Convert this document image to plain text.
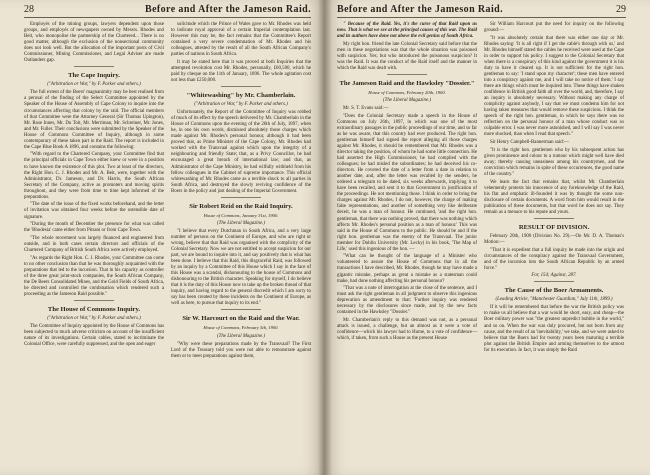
28	Before and After the Jameson Raid.

Employés of the mining groups, lawyers dependent upon those groups, and employés of newspapers owned by Messrs. Rhodes and Beit, who monopolise the partnership of the Chartered... There is no good matter, although the exclusion of the nonsectional community does not look well. But the allocation of the important posts of Civil Commissioner, Mining Commissioner, and Legal Adviser are made Outlanders gap.

The Cape Inquiry.
("Arbitration or War," by F. Parker and others.)

The full extent of the Boers' magnanimity may be best realised from a perusal of the finding of the Select Committee appointed by the Speaker of the House of Assembly of Cape Colony to inquire into the circumstances affecting that colony by the raid. The official members of that Committee were the Attorney General (Sir Thomas Upington), Mr. Rose Innes, Mr. Du Toit, Mr. Merriman, Mr. Schreiner, Mr. Jones, and Mr. Fuller. Their conclusions were submitted by the Speaker of the House of Commons Committee of Inquiry, although in some contemporary of these taken part in the Raid. The report is included in the Cape Blue Book A 1896, and contains the following:

"With regard to the Chartered Company, your Committee find that the principal officials in Cape Town either knew or were in a position to have known the existence of this plot. Two at least of the directors, the Right Hon. C. J. Rhodes and Mr. A. Beit, were, together with the Administrator, Dr. Jameson, and Dr. Harris, the South African Secretary of the Company, active as promoters and moving spirits throughout, and they were from time to time kept informed of the preparations.

"The date of the issue of the fixed works beforehand, and the letter of invitation was obtained four weeks before the ostensible date of signature.

"During the month of December the presence for what was called the 'Rhodesia' came either from Pitsani or from Cape Town.

"The whole movement was largely financed and engineered from outside, and in both cases certain directors and officials of the Chartered Company of British South Africa were actively employed.

"As regards the Right Hon. C. J. Rhodes, your Committee can come to no other conclusion than that he was thoroughly acquainted with the preparations that led to the incursion. That in his capacity as controller of the three great joint-stock companies, the South African Company, the De Beers Consolidated Mines, and the Gold Fields of South Africa, he directed and controlled the combination which rendered such a proceeding as the Jameson Raid possible."

The House of Commons Inquiry.
("Arbitration or War," by F. Parker and others.)

The Committee of Inquiry appointed by the House of Commons has been subjected to much adverse criticism on account of the insufficient nature of its investigations. Certain cables, stated to incriminate the Colonial Office, were carefully suppressed, and the open and eager

solicitude which the Prince of Wales gave to Mr. Rhodes was held to indicate royal approval of a certain Imperial contemplation last. However this may be, the fact remains that the Committee's Report contained a very severe condemnation of Mr. Rhodes and his colleagues, attested by the result of all the South African Company's parties of nations in South Africa.

It may be stated here that it was proved at both Inquiries that the attempted revolution cost Mr. Rhodes, personally, £60,500, which he paid by cheque on the 11th of January, 1896. The whole agitation cost not less than £250,000.

"Whitewashing" by Mr. Chamberlain.
("Arbitration or War," by F. Parker and others.)

Unfortunately, the Report of the Committee of Inquiry was robbed of much of its effect by the speech delivered by Mr. Chamberlain in the House of Commons upon the evening of the 26th of July, 1897, when he, in one his own words, dismissed absolutely those charges which made against Mr. Rhodes's personal honour, although it had been proved that, as Prime Minister of the Cape Colony, Mr. Rhodes had worked with the Transvaal against which upon the integrity of a neighbouring and friendly State; that, as a Privy Councillor, he had encouraged a great breach of international law; and that, as Administrator of the Cape Ministry, he had wilfully withheld from his fellow colleagues in the Cabinet of supreme importance. This official whitewashing of Mr. Rhodes came as a terrible shock to all parties in South Africa, and destroyed the slowly reviving confidence of the Boers in the policy and just dealing of the Imperial Government.

Sir Robert Reid on the Raid Inquiry.
House of Commons, January 31st, 1900.
(The Liberal Magazine.)

"I believe that every Dutchman in South Africa, and a very large number of persons on the Continent of Europe, and who are right or wrong, believe that that Raid was organised with the complicity of the Colonial Secretary. Now we are not entitled to accept suspicion for our part, we are bound to inquire into it, and say positively that is what has been done. I believe that this Raid, this disgraceful Raid, was followed by an inquiry by a Committee of this House which I say in the face of this House was a scandal, dishonouring to the house of Commons and dishonouring to the British character. Speaking for myself, I do believe that it is the duty of this House now to take up the broken thread of that inquiry, and having regard to the general discredit which I am sorry to say has been created by these incidents on the Continent of Europe, as well as here, to pursue that inquiry to its end."

Sir W. Harcourt on the Raid and the War.
House of Commons, February 5th, 1900.
(The Liberal Magazine.)

"Why were these preparations made by the Transvaal? The First Lord of the Treasury told you were not able to remonstrate against them or to meet preparations against them,

Before and After the Jameson Raid.	29

" Because of the Raid. Yes, it's the curse of that Raid upon us now. That is what we see at the principal causes of this war. The Raid and its authors have done not above the evil genius of South Africa.

My right hon. friend the late Colonial Secretary said before that the men in these negotiations was that the whole situation was poisoned with suspicion. Yes; but who introduced the poisonous suspicion? It was the Raid. It was the conduct of the Raid itself and the manner in which the Raid was dealt with.

The Jameson Raid and the Hawksley "Dossier."
House of Commons, February 20th, 1900.
(The Liberal Magazine.)

Mr. S. T. Evans said:—

"Does the Colonial Secretary made a speech in the House of Commons on July 26th, 1897, in which was one of the most extraordinary passages in the public proceedings of our time, and so far as he was aware, that this country had ever produced. The right hon. gentleman himself had signed the report alleging all those charges against Mr. Rhodes, it should be remembered that Mr. Rhodes was a director taking the position, of whom he had some little connection. He had asserted the High Commissioner, he had complied with the colleagues; he had misled the subordinates; he had deceived his co-directors. He covered the date of a letter from a date in relation to another date, and, after the letter was recalled by the senders, he ordered a telegram to be dated, six weeks afterwards, implying it to have been recalled, and sent it to that Government in justification of the proceedings. He not mentioning those. I think in order to bring the charges against Mr. Rhodes, I do not, however, the charge of making false representations, and another of something very like deliberate deceit, he was a man of honour. He continued, 'and the right hon. gentleman, that there was nothing proved, that there was nothing which affects Mr. Rhodes's personal position as a man of honour.' This was said in the House of Commons to the public. He should be and if the right hon. gentleman was the enemy of the Transvaal. The junior member for Dublin University (Mr. Lecky) in his book, 'The Map of Life,' used this ingenious of the hon. —

"What can be thought of the language of a Minister who volunteered to assure the House of Commons that in all the transactions I have described, Mr. Rhodes, though he may have made a gigantic mistake, perhaps as great a mistake as a statesman could make, had done nothing affecting his personal honour?

"That was a note of interrogation at the close of the sentence, and I must ask the right gentleman in all judgment to observe this ingenious deprecation as amendment to that: 'Further inquiry was rendered necessary by the disclosures since made, and by the new facts contained in the Hawksley "Dossier."

Mr. Chamberlain's reply to this demand was not, as a personal attack is issued, a challenge, but an almost as it were a vote of confidence—which his lawyer had to Hume, to a vote of confidence—which, if taken, from such a House as the present House

Sir William Harcourt put the need for inquiry on the following ground:—

"It was absolutely certain that there was either one day or Mr. Rhodes saying: 'It is all right if I get the cable's through with us,' and Mr. Rhodes himself stated the cables he received were used at the Cape in order to support his policy. I suggest to the Colonial Secretary that when there is a conspiracy of this kind against the government it is his duty to have it cleared up. It is not sufficient for the right hon. gentleman to say: 'I stand upon my character'; these men have entered into a conspiracy against me, and I will take no notice of them.' I say there are things which must be inquired into. These things have shaken confidence in British good faith all over the world, and, therefore, I say an inquiry is absolutely necessary. Without making any charge of complicity against anybody, I say that we must condemn him for not having taken measures that would remove these suspicions. I think the speech of the right hon. gentleman, in which he says there was no reflection on the personal honour of a man whose conduct was so culpable error. I was never more astonished, and I will say I was never more shocked, than when I read that speech."

Sir Henry Campbell-Bannerman said:—

"It is the right hon. gentlemen who by his subsequent action has given prominence and colour to a rumour which might well have died away; thereby causing uneasiness among his countrymen, and the conviction which remains in spite of these occurrences, the good name of the country."

We learn the fact that remains that, whilst Mr. Chamberlain vehemently protests his innocence of any foreknowledge of the Raid, his flat and emphatic ill-founded it was by thought the some non-disclosure of certain documents. A word from him would result in the publication of these documents, but that word he does not say. They remain as a menace to his repute and yours.

RESULT OF DIVISION.

February 20th, 1900 (Division No. 29).—On Mr. D. A. Thomas's Motion:—

"That it is expedient that a full inquiry be made into the origin and circumstances of the conspiracy against the Transvaal Government, and of the incursion into the South African Republic by an armed force."

For, 154; Against, 287.

The Cause of the Boer Armaments.
(Leading Article, "Manchester Guardian," July 11th, 1899.)

If it will be remembered that before the war the British policy was to make us all believe that a war would be short, easy, and cheap—the Boer military power was "the greatest unpredict bubble in the world," and so on. When the war was duly procured, but not born from any cause, and the result of an 'inevitability,' we take, and we were asked to believe that the Boers had for twenty years been maturing a terrible plot against the British Empire and arming themselves to the utmost for its execution. In fact, it was simply the Raid
